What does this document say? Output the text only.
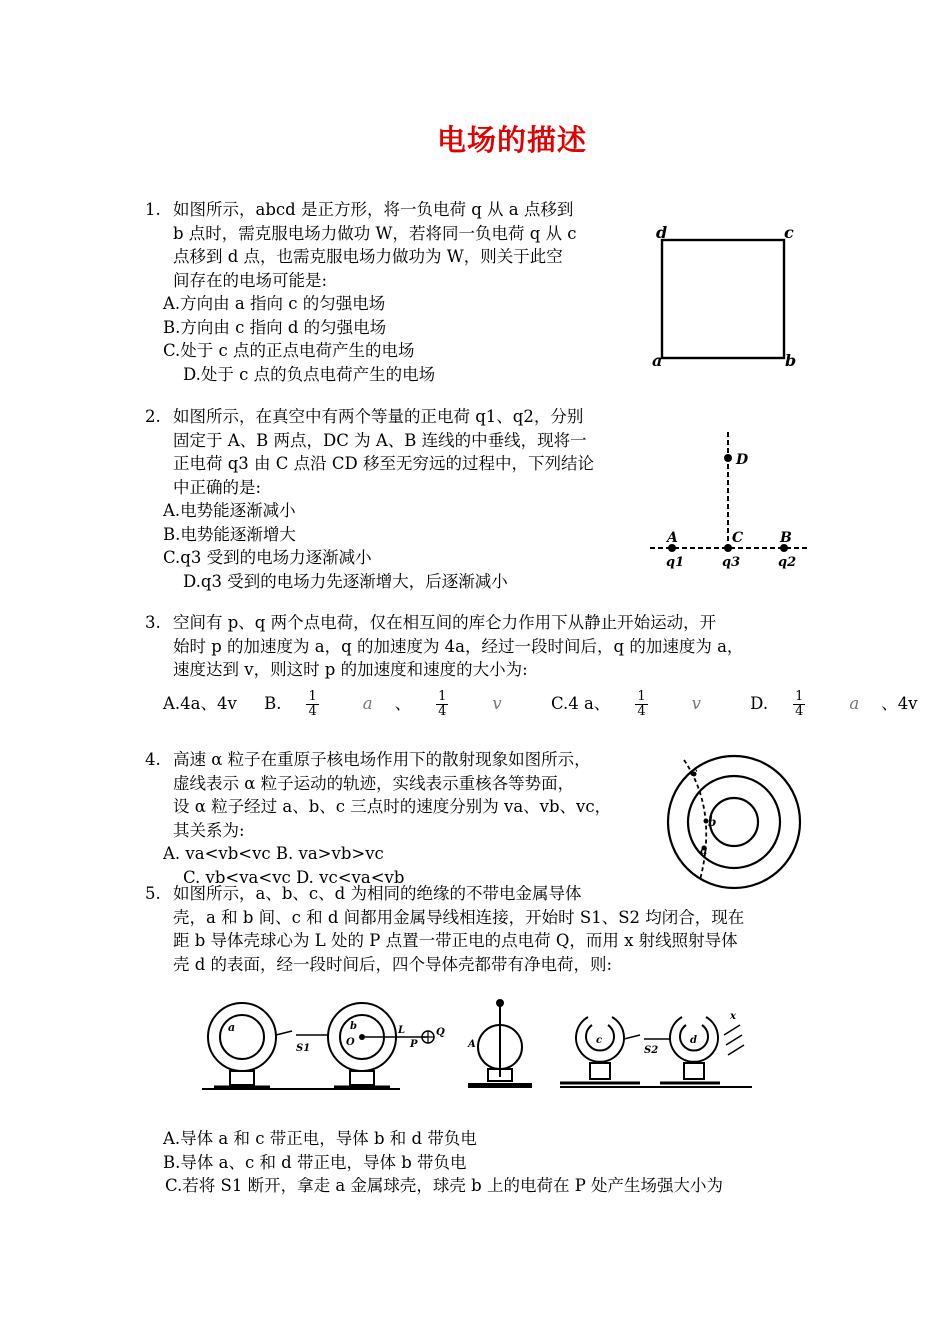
电场的描述
1. 如图所示，abcd 是正方形，将一负电荷 q 从 a 点移到
b 点时，需克服电场力做功 W，若将同一负电荷 q 从 c
点移到 d 点，也需克服电场力做功为 W，则关于此空
间存在的电场可能是:
A.方向由 a 指向 c 的匀强电场
B.方向由 c 指向 d 的匀强电场
C.处于 c 点的正点电荷产生的电场
D.处于 c 点的负点电荷产生的电场
d	c
a	b
2. 如图所示，在真空中有两个等量的正电荷 q1、q2，分别
固定于 A、B 两点，DC 为 A、B 连线的中垂线，现将一
正电荷 q3 由 C 点沿 CD 移至无穷远的过程中，下列结论
中正确的是:
A.电势能逐渐减小
B.电势能逐渐增大
C.q3 受到的电场力逐渐减小
D.q3 受到的电场力先逐渐增大，后逐渐减小
D
A	C	B
q1	q3	q2
3. 空间有 p、q 两个点电荷，仅在相互间的库仑力作用下从静止开始运动，开
始时 p 的加速度为 a，q 的加速度为 4a，经过一段时间后，q 的加速度为 a，
速度达到 v，则这时 p 的加速度和速度的大小为:
A.4a、4v B. $\frac{1}{4}$ a 、 $\frac{1}{4}$ v	C.4 a、 $\frac{1}{4}$ v	D. $\frac{1}{4}$ a 、4v
4. 高速 α 粒子在重原子核电场作用下的散射现象如图所示，
虚线表示 α 粒子运动的轨迹，实线表示重核各等势面，
设 α 粒子经过 a、b、c 三点时的速度分别为 va、vb、vc，
其关系为:
A. va<vb<vc B. va>vb>vc
C. vb<va<vc D. vc<va<vb
c
b
a
5. 如图所示，a、b、c、d 为相同的绝缘的不带电金属导体
壳，a 和 b 间、c 和 d 间都用金属导线相连接，开始时 S1、S2 均闭合，现在
距 b 导体壳球心为 L 处的 P 点置一带正电的点电荷 Q，而用 x 射线照射导体
壳 d 的表面，经一段时间后，四个导体壳都带有净电荷，则:
a
S1
b
O
L
P
Q
A	c
S2
d
x
A.导体 a 和 c 带正电，导体 b 和 d 带负电
B.导体 a、c 和 d 带正电，导体 b 带负电
C.若将 S1 断开，拿走 a 金属球壳，球壳 b 上的电荷在 P 处产生场强大小为
